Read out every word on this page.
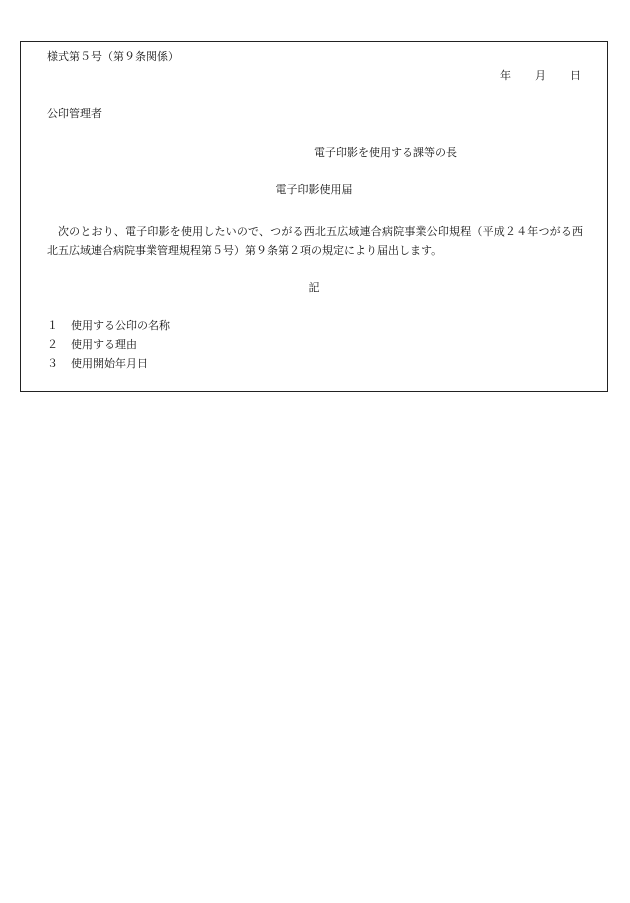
様式第５号（第９条関係）
年 月 日
公印管理者
電子印影を使用する課等の長
電子印影使用届
次のとおり、電子印影を使用したいので、つがる西北五広域連合病院事業公印規程（平成２４年つがる西北五広域連合病院事業管理規程第５号）第９条第２項の規定により届出します。
記
１ 使用する公印の名称
２ 使用する理由
３ 使用開始年月日
